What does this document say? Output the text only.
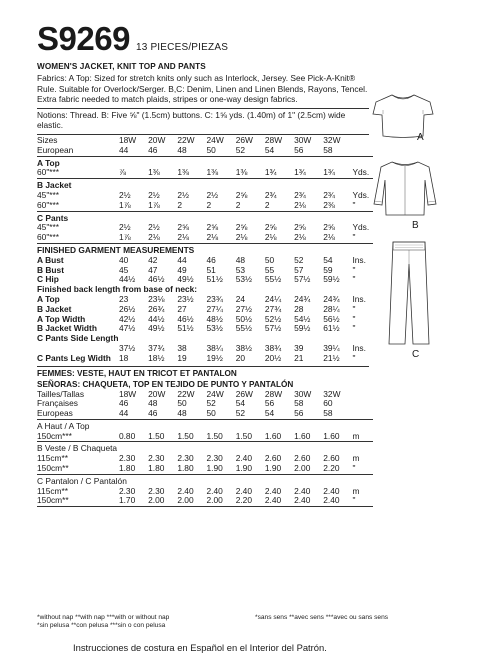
S9269 13 PIECES/PIEZAS
WOMEN'S JACKET, KNIT TOP AND PANTS
Fabrics: A Top: Sized for stretch knits only such as Interlock, Jersey. See Pick-A-Knit® Rule. Suitable for Overlock/Serger. B,C: Denim, Linen and Linen Blends, Rayons, Tencel. Extra fabric needed to match plaids, stripes or one-way design fabrics.
Notions: Thread. B: Five ⅝" (1.5cm) buttons. C: 1⅝ yds. (1.40m) of 1" (2.5cm) wide elastic.
Sizes	18W	20W	22W	24W	26W	28W	30W	32W	
European	44	46	48	50	52	54	56	58	

A Top									
60"***	⅞	1⅜	1⅜	1⅜	1⅜	1¾	1¾	1¾	Yds.

B Jacket									
45"***	2½	2½	2½	2½	2⅝	2¾	2¾	2¾	Yds.
60"***	1⅞	1⅞	2	2	2	2	2⅛	2⅜	"

C Pants									
45"***	2½	2½	2⅝	2⅝	2⅝	2⅝	2⅝	2⅝	Yds.
60"***	1⅞	2⅛	2⅛	2⅛	2⅛	2⅛	2⅛	2⅛	"

FINISHED GARMENT MEASUREMENTS									
A Bust	40	42	44	46	48	50	52	54	Ins.
B Bust	45	47	49	51	53	55	57	59	"
C Hip	44½	46½	49½	51½	53½	55½	57½	59½	"
Finished back length from base of neck:									
A Top	23	23⅛	23½	23¾	24	24¼	24¾	24¾	Ins.
B Jacket	26½	26¾	27	27¼	27½	27¾	28	28¼	"
A Top Width	42½	44½	46½	48½	50½	52½	54½	56½	"
B Jacket Width	47½	49½	51½	53½	55½	57½	59½	61½	"
C Pants Side Length									
	37½	37¾	38	38¼	38½	38¾	39	39¼	Ins.
C Pants Leg Width	18	18½	19	19½	20	20½	21	21½	"
FEMMES: VESTE, HAUT EN TRICOT ET PANTALON
SEÑORAS: CHAQUETA, TOP EN TEJIDO DE PUNTO Y PANTALÓN
Tailles/Tallas	18W	20W	22W	24W	26W	28W	30W	32W	
Françaises	46	48	50	52	54	56	58	60	
Europeas	44	46	48	50	52	54	56	58	

A Haut / A Top									
150cm***	0.80	1.50	1.50	1.50	1.50	1.60	1.60	1.60	m

B Veste / B Chaqueta									
115cm**	2.30	2.30	2.30	2.30	2.40	2.60	2.60	2.60	m
150cm**	1.80	1.80	1.80	1.90	1.90	1.90	2.00	2.20	"

C Pantalon / C Pantalón									
115cm**	2.30	2.30	2.40	2.40	2.40	2.40	2.40	2.40	m
150cm**	1.70	2.00	2.00	2.00	2.20	2.40	2.40	2.40	"

*without nap **with nap ***with or without nap	*sans sens **avec sens ***avec ou sans sens
*sin pelusa **con pelusa ***sin o con pelusa
Instrucciones de costura en Español en el Interior del Patrón.
A
B
C
